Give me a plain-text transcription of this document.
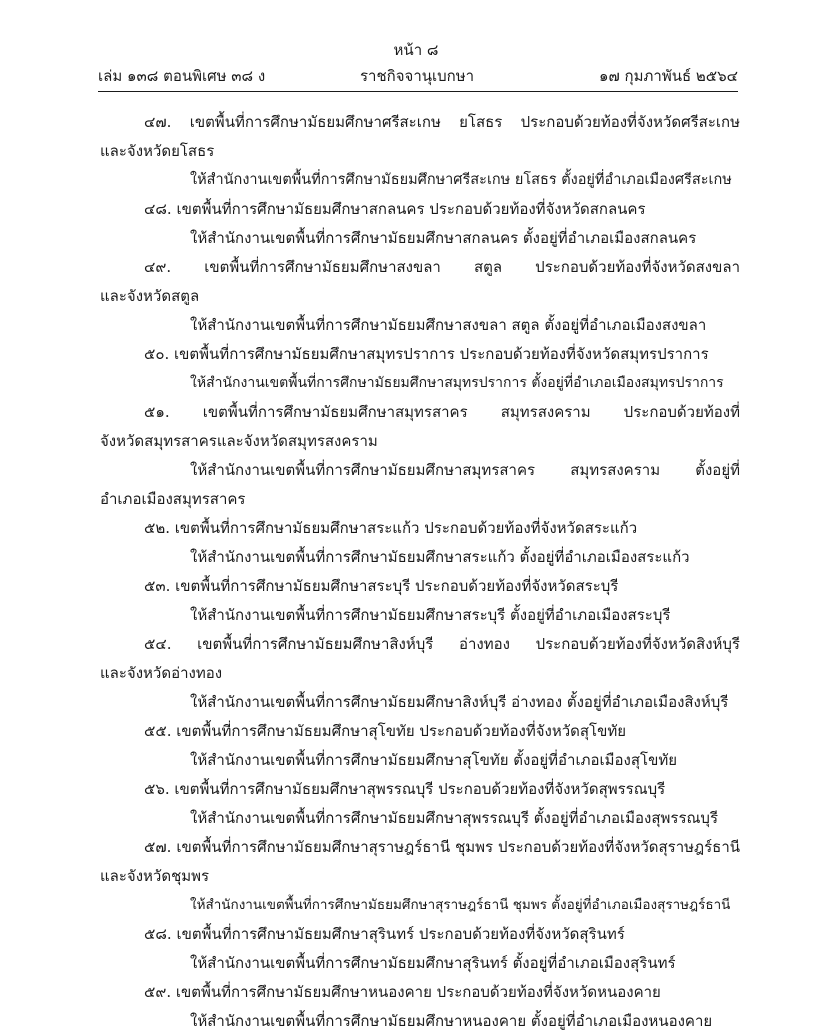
หน้า ๘
เล่ม ๑๓๘ ตอนพิเศษ ๓๘ ง	ราชกิจจานุเบกษา	๑๗ กุมภาพันธ์ ๒๕๖๔
๔๗. เขตพื้นที่การศึกษามัธยมศึกษาศรีสะเกษ ยโสธร ประกอบด้วยท้องที่จังหวัดศรีสะเกษ
และจังหวัดยโสธร
ให้สำนักงานเขตพื้นที่การศึกษามัธยมศึกษาศรีสะเกษ ยโสธร ตั้งอยู่ที่อำเภอเมืองศรีสะเกษ
๔๘. เขตพื้นที่การศึกษามัธยมศึกษาสกลนคร ประกอบด้วยท้องที่จังหวัดสกลนคร
ให้สำนักงานเขตพื้นที่การศึกษามัธยมศึกษาสกลนคร ตั้งอยู่ที่อำเภอเมืองสกลนคร
๔๙. เขตพื้นที่การศึกษามัธยมศึกษาสงขลา สตูล ประกอบด้วยท้องที่จังหวัดสงขลา
และจังหวัดสตูล
ให้สำนักงานเขตพื้นที่การศึกษามัธยมศึกษาสงขลา สตูล ตั้งอยู่ที่อำเภอเมืองสงขลา
๕๐. เขตพื้นที่การศึกษามัธยมศึกษาสมุทรปราการ ประกอบด้วยท้องที่จังหวัดสมุทรปราการ
ให้สำนักงานเขตพื้นที่การศึกษามัธยมศึกษาสมุทรปราการ ตั้งอยู่ที่อำเภอเมืองสมุทรปราการ
๕๑. เขตพื้นที่การศึกษามัธยมศึกษาสมุทรสาคร สมุทรสงคราม ประกอบด้วยท้องที่
จังหวัดสมุทรสาครและจังหวัดสมุทรสงคราม
ให้สำนักงานเขตพื้นที่การศึกษามัธยมศึกษาสมุทรสาคร สมุทรสงคราม ตั้งอยู่ที่
อำเภอเมืองสมุทรสาคร
๕๒. เขตพื้นที่การศึกษามัธยมศึกษาสระแก้ว ประกอบด้วยท้องที่จังหวัดสระแก้ว
ให้สำนักงานเขตพื้นที่การศึกษามัธยมศึกษาสระแก้ว ตั้งอยู่ที่อำเภอเมืองสระแก้ว
๕๓. เขตพื้นที่การศึกษามัธยมศึกษาสระบุรี ประกอบด้วยท้องที่จังหวัดสระบุรี
ให้สำนักงานเขตพื้นที่การศึกษามัธยมศึกษาสระบุรี ตั้งอยู่ที่อำเภอเมืองสระบุรี
๕๔. เขตพื้นที่การศึกษามัธยมศึกษาสิงห์บุรี อ่างทอง ประกอบด้วยท้องที่จังหวัดสิงห์บุรี
และจังหวัดอ่างทอง
ให้สำนักงานเขตพื้นที่การศึกษามัธยมศึกษาสิงห์บุรี อ่างทอง ตั้งอยู่ที่อำเภอเมืองสิงห์บุรี
๕๕. เขตพื้นที่การศึกษามัธยมศึกษาสุโขทัย ประกอบด้วยท้องที่จังหวัดสุโขทัย
ให้สำนักงานเขตพื้นที่การศึกษามัธยมศึกษาสุโขทัย ตั้งอยู่ที่อำเภอเมืองสุโขทัย
๕๖. เขตพื้นที่การศึกษามัธยมศึกษาสุพรรณบุรี ประกอบด้วยท้องที่จังหวัดสุพรรณบุรี
ให้สำนักงานเขตพื้นที่การศึกษามัธยมศึกษาสุพรรณบุรี ตั้งอยู่ที่อำเภอเมืองสุพรรณบุรี
๕๗. เขตพื้นที่การศึกษามัธยมศึกษาสุราษฎร์ธานี ชุมพร ประกอบด้วยท้องที่จังหวัดสุราษฎร์ธานี
และจังหวัดชุมพร
ให้สำนักงานเขตพื้นที่การศึกษามัธยมศึกษาสุราษฎร์ธานี ชุมพร ตั้งอยู่ที่อำเภอเมืองสุราษฎร์ธานี
๕๘. เขตพื้นที่การศึกษามัธยมศึกษาสุรินทร์ ประกอบด้วยท้องที่จังหวัดสุรินทร์
ให้สำนักงานเขตพื้นที่การศึกษามัธยมศึกษาสุรินทร์ ตั้งอยู่ที่อำเภอเมืองสุรินทร์
๕๙. เขตพื้นที่การศึกษามัธยมศึกษาหนองคาย ประกอบด้วยท้องที่จังหวัดหนองคาย
ให้สำนักงานเขตพื้นที่การศึกษามัธยมศึกษาหนองคาย ตั้งอยู่ที่อำเภอเมืองหนองคาย
